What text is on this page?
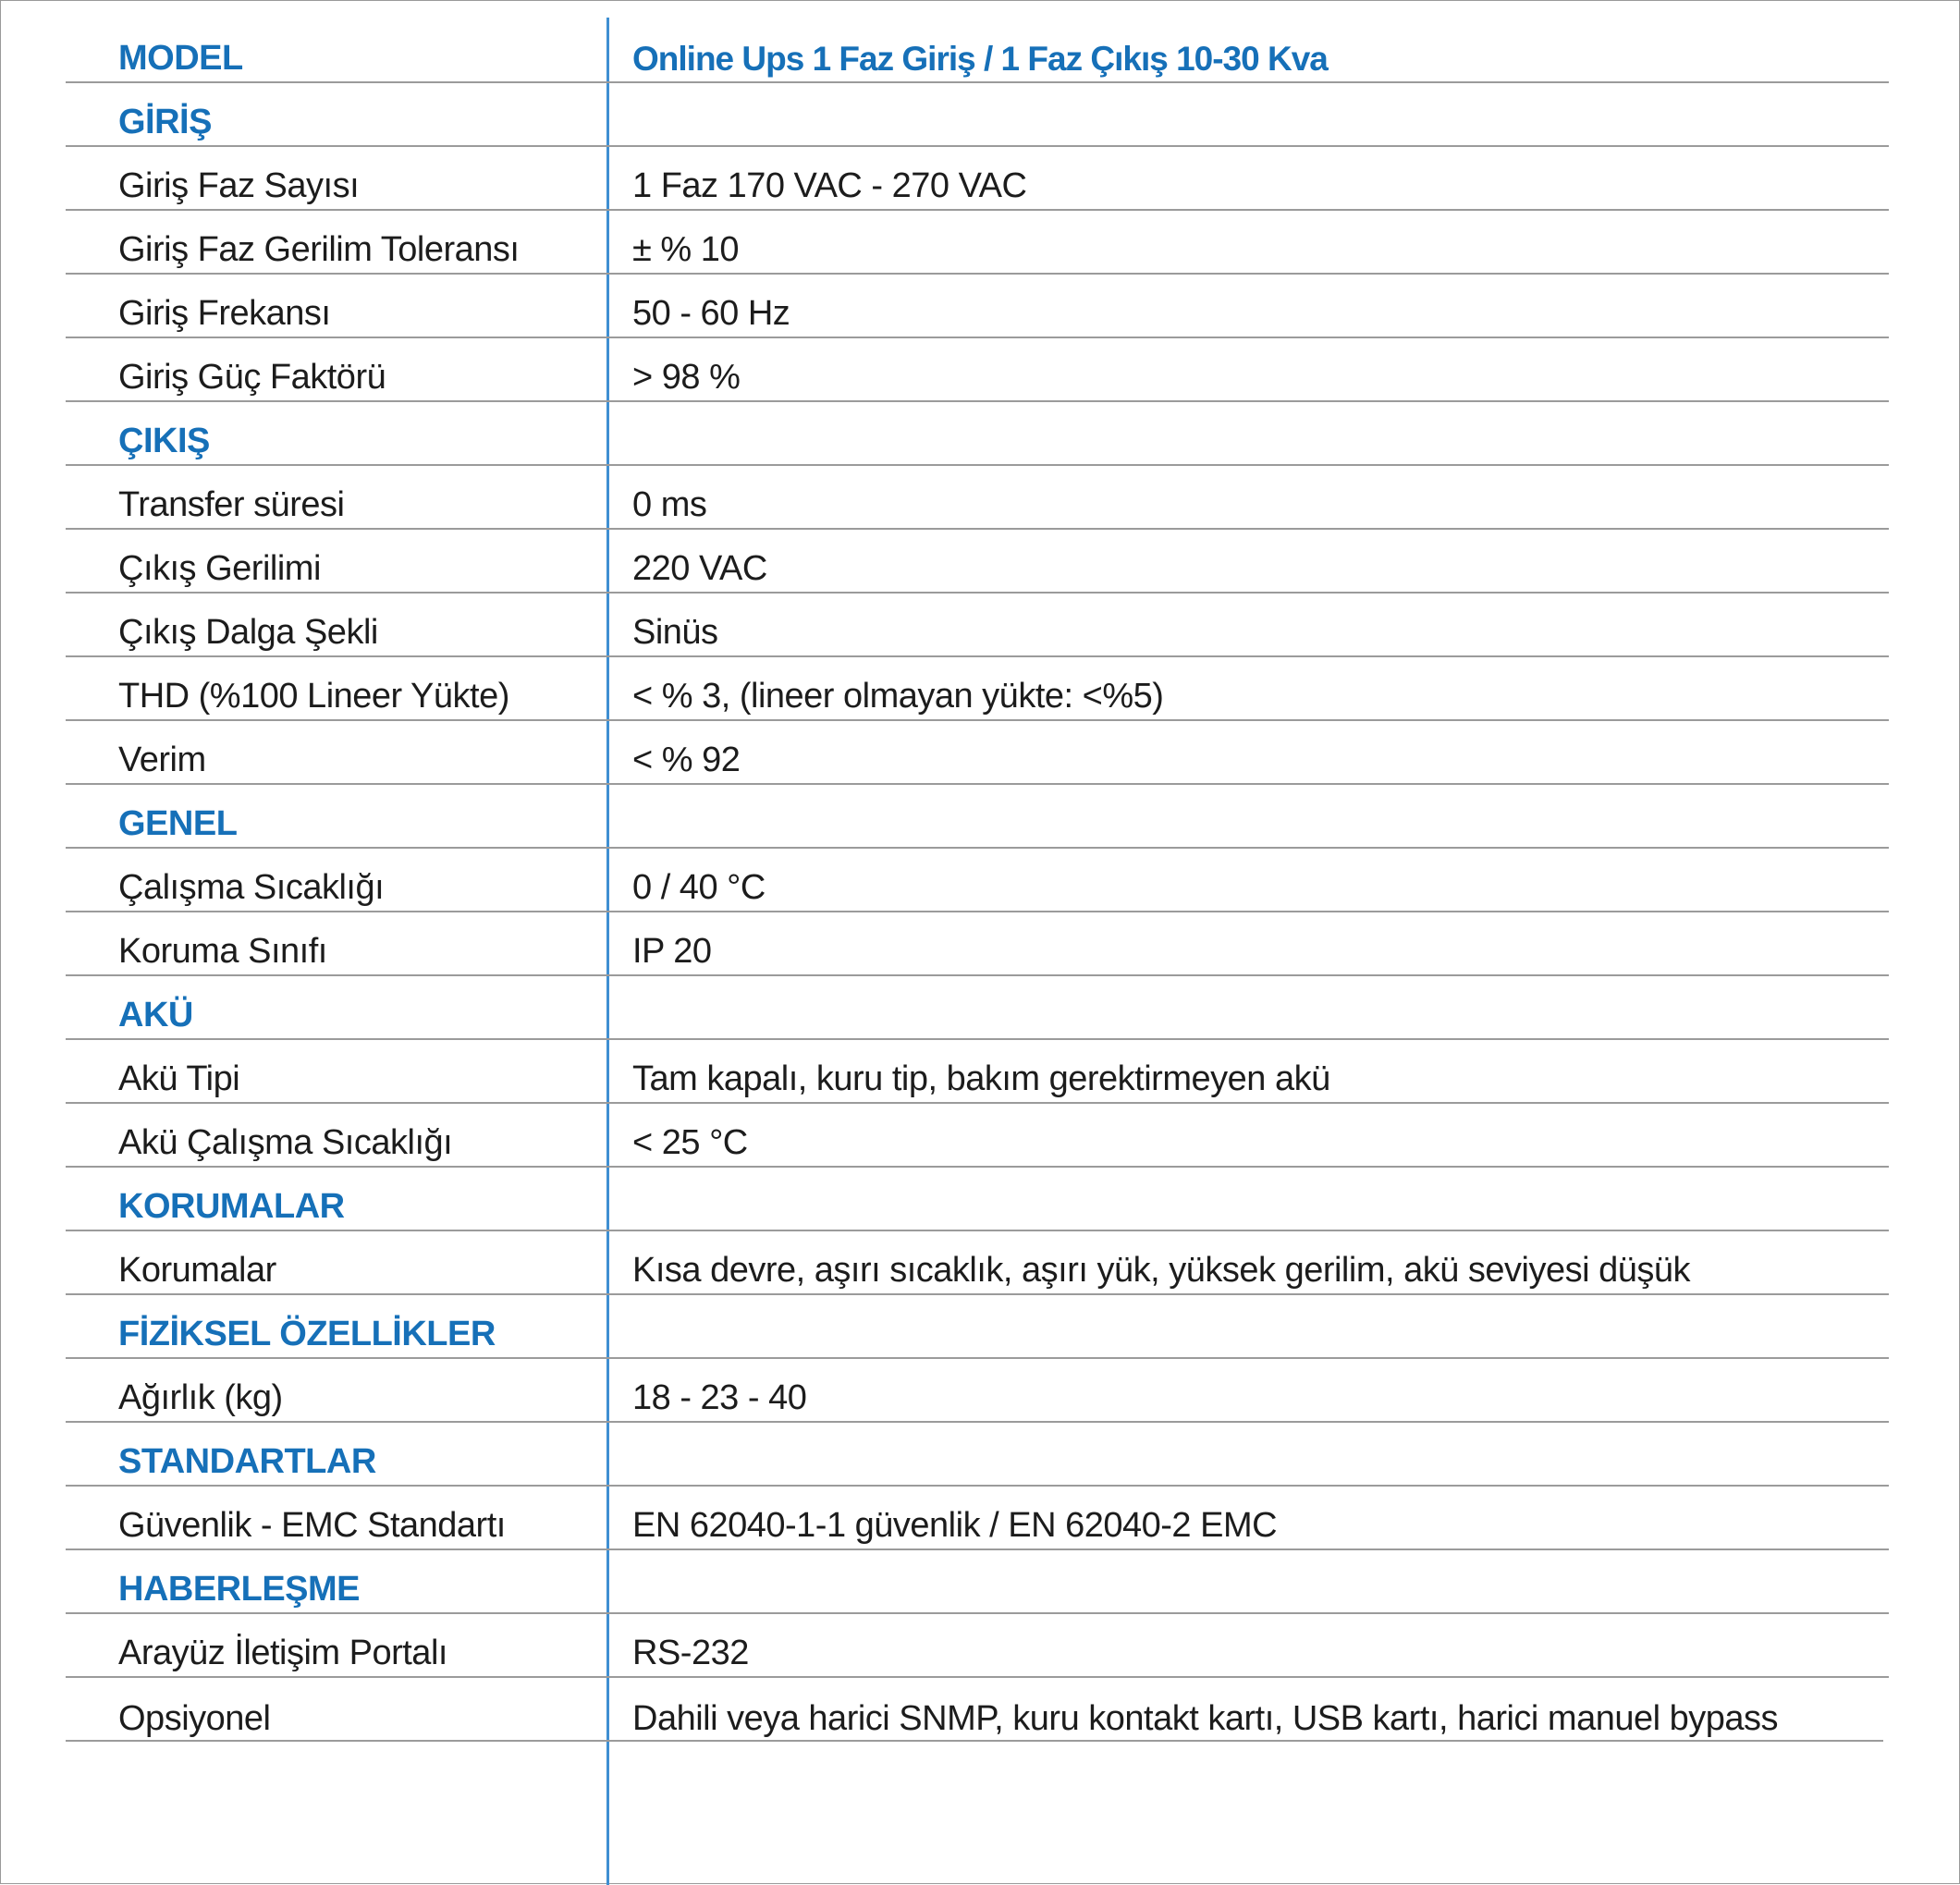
MODEL	Online Ups 1 Faz Giriş / 1 Faz Çıkış 10-30 Kva
GİRİŞ
Giriş Faz Sayısı	1 Faz 170 VAC - 270 VAC
Giriş Faz Gerilim Toleransı	± % 10
Giriş Frekansı	50 - 60 Hz
Giriş Güç Faktörü	> 98 %
ÇIKIŞ
Transfer süresi	0 ms
Çıkış Gerilimi	220 VAC
Çıkış Dalga Şekli	Sinüs
THD (%100 Lineer Yükte)	< % 3, (lineer olmayan yükte: <%5)
Verim	< % 92
GENEL
Çalışma Sıcaklığı	0 / 40 °C
Koruma Sınıfı	IP 20
AKÜ
Akü Tipi	Tam kapalı, kuru tip, bakım gerektirmeyen akü
Akü Çalışma Sıcaklığı	< 25 °C
KORUMALAR
Korumalar	Kısa devre, aşırı sıcaklık, aşırı yük, yüksek gerilim, akü seviyesi düşük
FİZİKSEL ÖZELLİKLER
Ağırlık (kg)	18 - 23 - 40
STANDARTLAR
Güvenlik - EMC Standartı	EN 62040-1-1 güvenlik / EN 62040-2 EMC
HABERLEŞME
Arayüz İletişim Portalı	RS-232
Opsiyonel	Dahili veya harici SNMP, kuru kontakt kartı, USB kartı, harici manuel bypass
